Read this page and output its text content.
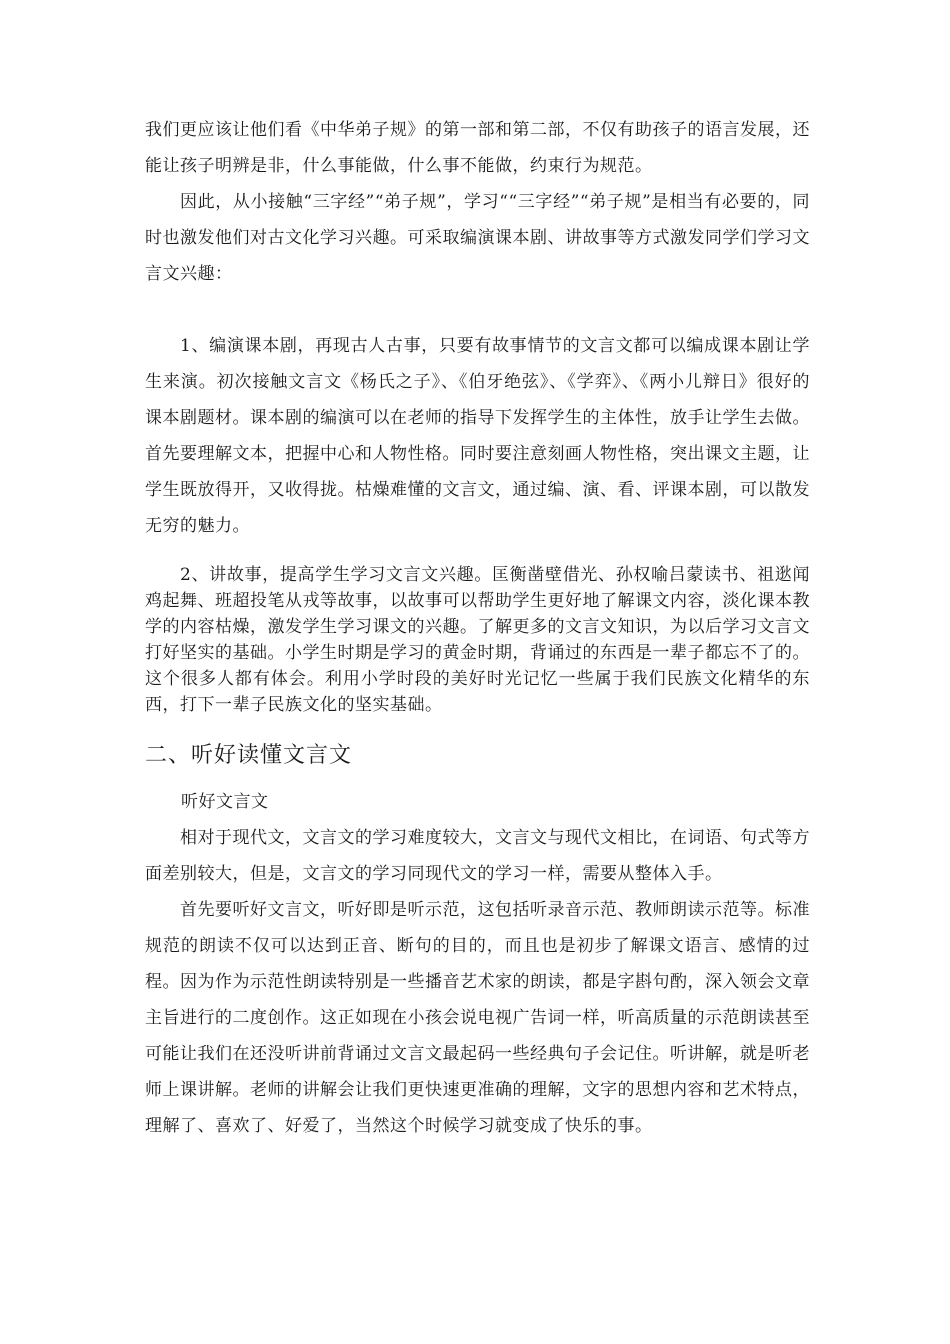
我们更应该让他们看《中华弟子规》的第一部和第二部，不仅有助孩子的语言发展，还能让孩子明辨是非，什么事能做，什么事不能做，约束行为规范。

因此，从小接触“三字经”“弟子规”，学习““三字经”“弟子规”是相当有必要的，同时也激发他们对古文化学习兴趣。可采取编演课本剧、讲故事等方式激发同学们学习文言文兴趣：

1、编演课本剧，再现古人古事，只要有故事情节的文言文都可以编成课本剧让学生来演。初次接触文言文《杨氏之子》、《伯牙绝弦》、《学弈》、《两小儿辩日》很好的课本剧题材。课本剧的编演可以在老师的指导下发挥学生的主体性，放手让学生去做。首先要理解文本，把握中心和人物性格。同时要注意刻画人物性格，突出课文主题，让学生既放得开，又收得拢。枯燥难懂的文言文，通过编、演、看、评课本剧，可以散发无穷的魅力。

2、讲故事，提高学生学习文言文兴趣。匡衡凿壁借光、孙权喻吕蒙读书、祖逖闻鸡起舞、班超投笔从戎等故事，以故事可以帮助学生更好地了解课文内容，淡化课本教学的内容枯燥，激发学生学习课文的兴趣。了解更多的文言文知识，为以后学习文言文打好坚实的基础。小学生时期是学习的黄金时期，背诵过的东西是一辈子都忘不了的。这个很多人都有体会。利用小学时段的美好时光记忆一些属于我们民族文化精华的东西，打下一辈子民族文化的坚实基础。

二、听好读懂文言文

听好文言文

相对于现代文，文言文的学习难度较大，文言文与现代文相比，在词语、句式等方面差别较大，但是，文言文的学习同现代文的学习一样，需要从整体入手。

首先要听好文言文，听好即是听示范，这包括听录音示范、教师朗读示范等。标准规范的朗读不仅可以达到正音、断句的目的，而且也是初步了解课文语言、感情的过程。因为作为示范性朗读特别是一些播音艺术家的朗读，都是字斟句酌，深入领会文章主旨进行的二度创作。这正如现在小孩会说电视广告词一样，听高质量的示范朗读甚至可能让我们在还没听讲前背诵过文言文最起码一些经典句子会记住。听讲解，就是听老师上课讲解。老师的讲解会让我们更快速更准确的理解，文字的思想内容和艺术特点，理解了、喜欢了、好爱了，当然这个时候学习就变成了快乐的事。
